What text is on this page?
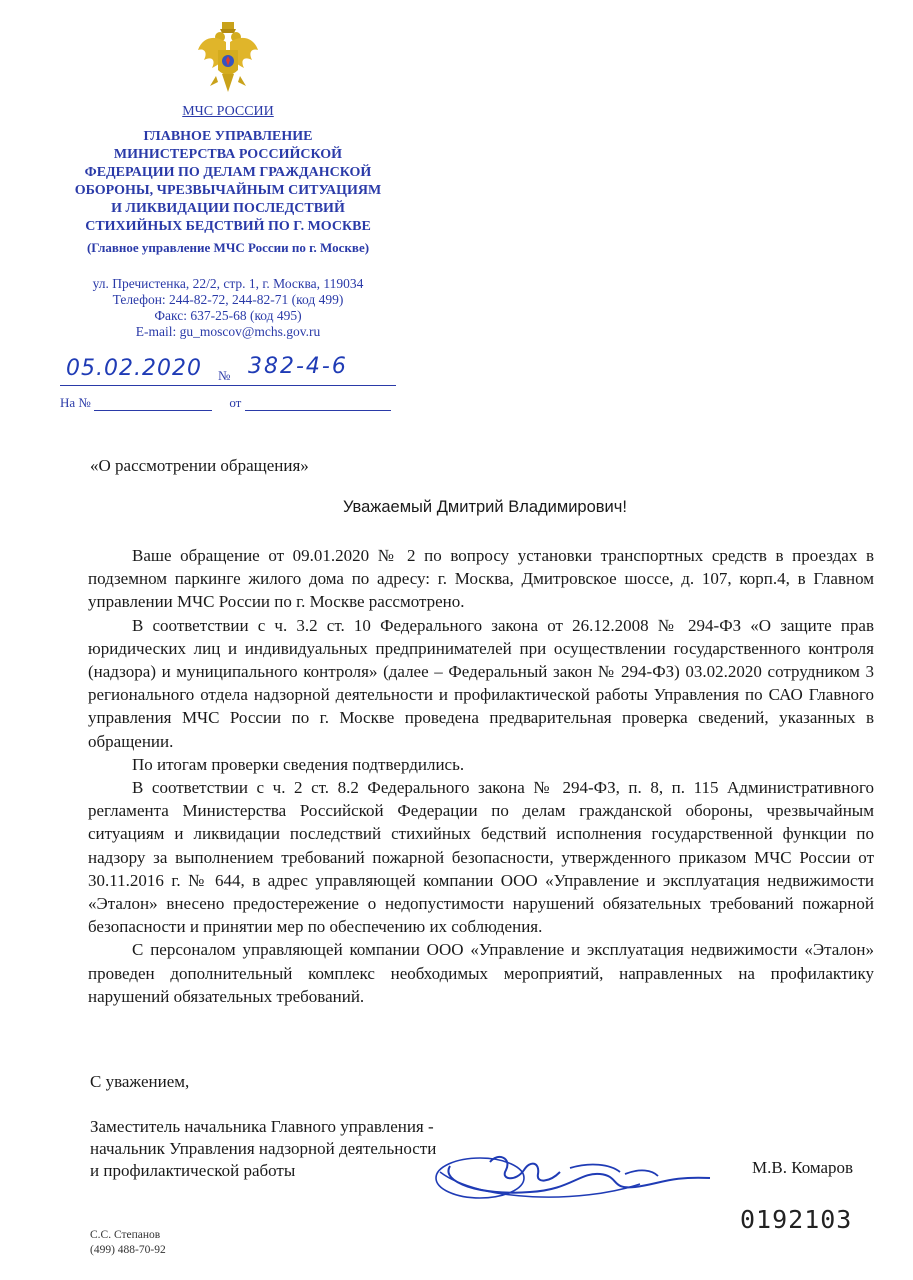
МЧС РОССИИ
ГЛАВНОЕ УПРАВЛЕНИЕ
МИНИСТЕРСТВА РОССИЙСКОЙ
ФЕДЕРАЦИИ ПО ДЕЛАМ ГРАЖДАНСКОЙ
ОБОРОНЫ, ЧРЕЗВЫЧАЙНЫМ СИТУАЦИЯМ
И ЛИКВИДАЦИИ ПОСЛЕДСТВИЙ
СТИХИЙНЫХ БЕДСТВИЙ ПО Г. МОСКВЕ
(Главное управление МЧС России по г. Москве)
ул. Пречистенка, 22/2, стр. 1, г. Москва, 119034
Телефон: 244-82-72, 244-82-71 (код 499)
Факс: 637-25-68 (код 495)
E-mail: gu_moscov@mchs.gov.ru
05.02.2020 № 382-4-6
На №	от
«О рассмотрении обращения»
Уважаемый Дмитрий Владимирович!

Ваше обращение от 09.01.2020 № 2 по вопросу установки транспортных средств в проездах в подземном паркинге жилого дома по адресу: г. Москва, Дмитровское шоссе, д. 107, корп.4, в Главном управлении МЧС России по г. Москве рассмотрено.

В соответствии с ч. 3.2 ст. 10 Федерального закона от 26.12.2008 № 294-ФЗ «О защите прав юридических лиц и индивидуальных предпринимателей при осуществлении государственного контроля (надзора) и муниципального контроля» (далее – Федеральный закон № 294-ФЗ) 03.02.2020 сотрудником 3 регионального отдела надзорной деятельности и профилактической работы Управления по САО Главного управления МЧС России по г. Москве проведена предварительная проверка сведений, указанных в обращении.

По итогам проверки сведения подтвердились.

В соответствии с ч. 2 ст. 8.2 Федерального закона № 294-ФЗ, п. 8, п. 115 Административного регламента Министерства Российской Федерации по делам гражданской обороны, чрезвычайным ситуациям и ликвидации последствий стихийных бедствий исполнения государственной функции по надзору за выполнением требований пожарной безопасности, утвержденного приказом МЧС России от 30.11.2016 г. № 644, в адрес управляющей компании ООО «Управление и эксплуатация недвижимости «Эталон» внесено предостережение о недопустимости нарушений обязательных требований пожарной безопасности и принятии мер по обеспечению их соблюдения.

С персоналом управляющей компании ООО «Управление и эксплуатация недвижимости «Эталон» проведен дополнительный комплекс необходимых мероприятий, направленных на профилактику нарушений обязательных требований.

С уважением,
Заместитель начальника Главного управления -
начальник Управления надзорной деятельности
и профилактической работы	М.В. Комаров
0192103
С.С. Степанов
(499) 488-70-92
